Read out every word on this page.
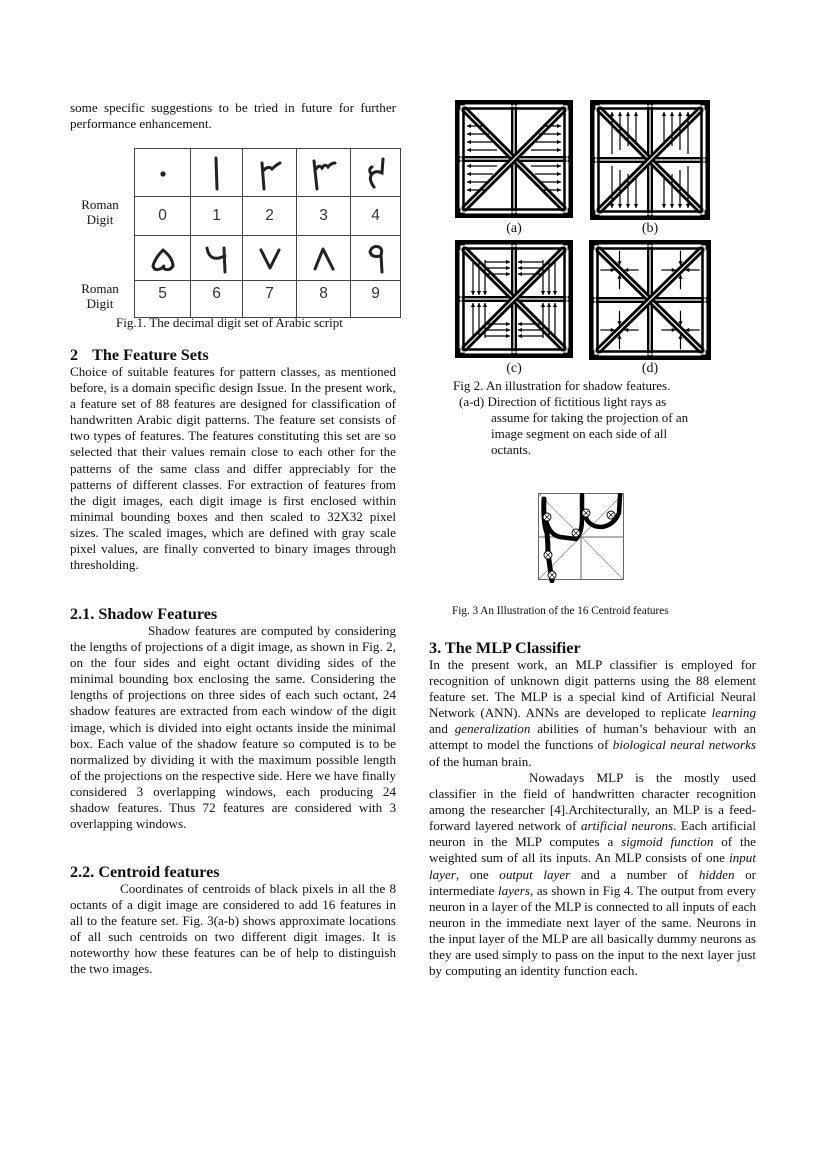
some specific suggestions to be tried in future for further performance enhancement.
Roman
Digit
Roman
Digit

0	1	2	3	4

5	6	7	8	9
Fig.1. The decimal digit set of Arabic script
2 The Feature Sets
Choice of suitable features for pattern classes, as mentioned before, is a domain specific design Issue. In the present work, a feature set of 88 features are designed for classification of handwritten Arabic digit patterns. The feature set consists of two types of features. The features constituting this set are so selected that their values remain close to each other for the patterns of the same class and differ appreciably for the patterns of different classes. For extraction of features from the digit images, each digit image is first enclosed within minimal bounding boxes and then scaled to 32X32 pixel sizes. The scaled images, which are defined with gray scale pixel values, are finally converted to binary images through thresholding.
2.1. Shadow Features
Shadow features are computed by considering the lengths of projections of a digit image, as shown in Fig. 2, on the four sides and eight octant dividing sides of the minimal bounding box enclosing the same. Considering the lengths of projections on three sides of each such octant, 24 shadow features are extracted from each window of the digit image, which is divided into eight octants inside the minimal box. Each value of the shadow feature so computed is to be normalized by dividing it with the maximum possible length of the projections on the respective side. Here we have finally considered 3 overlapping windows, each producing 24 shadow features. Thus 72 features are considered with 3 overlapping windows.
2.2. Centroid features
Coordinates of centroids of black pixels in all the 8 octants of a digit image are considered to add 16 features in all to the feature set. Fig. 3(a-b) shows approximate locations of all such centroids on two different digit images. It is noteworthy how these features can be of help to distinguish the two images.
(a)	(b)
(c)	(d)
Fig 2. An illustration for shadow features.
(a-d) Direction of fictitious light rays as
assume for taking the projection of an
image segment on each side of all
octants.
Fig. 3 An Illustration of the 16 Centroid features
3. The MLP Classifier
In the present work, an MLP classifier is employed for recognition of unknown digit patterns using the 88 element feature set. The MLP is a special kind of Artificial Neural Network (ANN). ANNs are developed to replicate learning and generalization abilities of human’s behaviour with an attempt to model the functions of biological neural networks of the human brain.
Nowadays MLP is the mostly used classifier in the field of handwritten character recognition among the researcher [4].Architecturally, an MLP is a feed-forward layered network of artificial neurons. Each artificial neuron in the MLP computes a sigmoid function of the weighted sum of all its inputs. An MLP consists of one input layer, one output layer and a number of hidden or intermediate layers, as shown in Fig 4. The output from every neuron in a layer of the MLP is connected to all inputs of each neuron in the immediate next layer of the same. Neurons in the input layer of the MLP are all basically dummy neurons as they are used simply to pass on the input to the next layer just by computing an identity function each.
